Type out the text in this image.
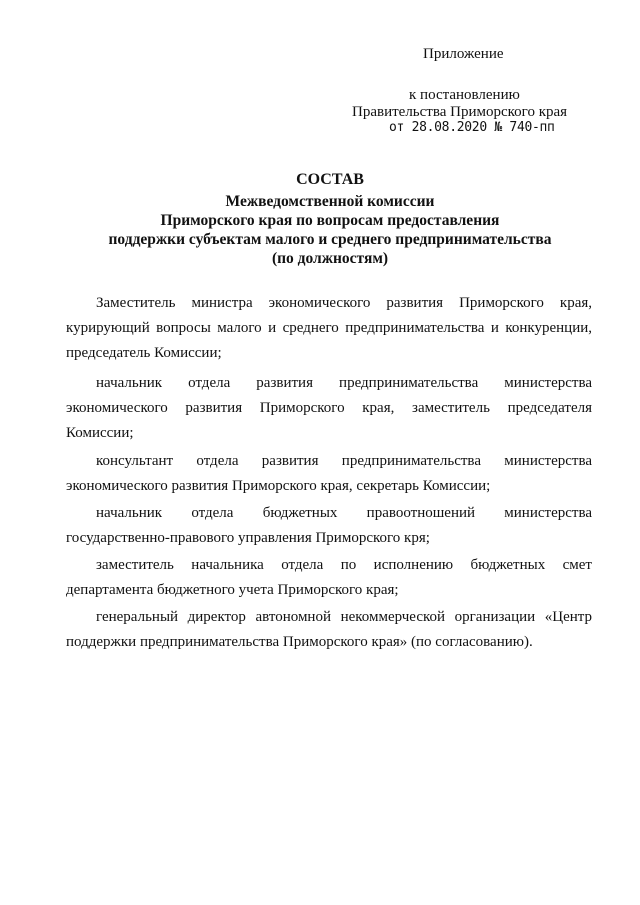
Приложение
к постановлению
Правительства Приморского края
от 28.08.2020 № 740-пп
СОСТАВ
Межведомственной комиссии
Приморского края по вопросам предоставления
поддержки субъектам малого и среднего предпринимательства
(по должностям)
Заместитель министра экономического развития Приморского края,
курирующий вопросы малого и среднего предпринимательства и конкуренции,
председатель Комиссии;
начальник отдела развития предпринимательства министерства
экономического развития Приморского края, заместитель председателя
Комиссии;
консультант отдела развития предпринимательства министерства
экономического развития Приморского края, секретарь Комиссии;
начальник отдела бюджетных правоотношений министерства
государственно-правового управления Приморского кря;
заместитель начальника отдела по исполнению бюджетных смет
департамента бюджетного учета Приморского края;
генеральный директор автономной некоммерческой организации «Центр
поддержки предпринимательства Приморского края» (по согласованию).
